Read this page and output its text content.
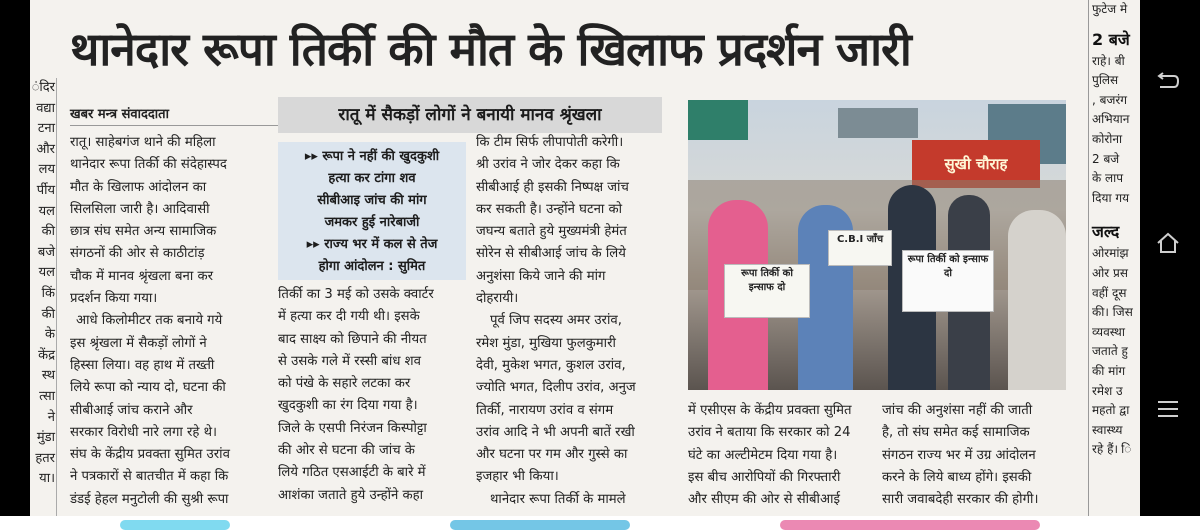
ंदिर
वद्या
टना
और
लय
र्पीय
यल
की
बजे
यल
किं
की
के
केंद्र
स्थ
त्सा
ने
मुंडा
हतर
या।
थानेदार रूपा तिर्की की मौत के खिलाफ प्रदर्शन जारी
खबर मन्त्र संवाददाता

रातू। साहेबगंज थाने की महिला

थानेदार रूपा तिर्की की संदेहास्पद

मौत के खिलाफ आंदोलन का

सिलसिला जारी है। आदिवासी

छात्र संघ समेत अन्य सामाजिक

संगठनों की ओर से काठीटांड़

चौक में मानव श्रृंखला बना कर

प्रदर्शन किया गया।

आधे किलोमीटर तक बनाये गये

इस श्रृंखला में सैकड़ों लोगों ने

हिस्सा लिया। वह हाथ में तख्ती

लिये रूपा को न्याय दो, घटना की

सीबीआई जांच कराने और

सरकार विरोधी नारे लगा रहे थे।

संघ के केंद्रीय प्रवक्ता सुमित उरांव

ने पत्रकारों से बातचीत में कहा कि

डंडई हेहल मनुटोली की सुश्री रूपा

रातू में सैकड़ों लोगों ने बनायी मानव श्रृंखला
▸▸ रूपा ने नहीं की खुदकुशी
हत्या कर टांगा शव
सीबीआइ जांच की मांग
जमकर हुई नारेबाजी
▸▸ राज्य भर में कल से तेज
होगा आंदोलन : सुमित

तिर्की का 3 मई को उसके क्वार्टर

में हत्या कर दी गयी थी। इसके

बाद साक्ष्य को छिपाने की नीयत

से उसके गले में रस्सी बांध शव

को पंखे के सहारे लटका कर

खुदकुशी का रंग दिया गया है।

जिले के एसपी निरंजन किस्पोट्टा

की ओर से घटना की जांच के

लिये गठित एसआईटी के बारे में

आशंका जताते हुये उन्होंने कहा

कि टीम सिर्फ लीपापोती करेगी।

श्री उरांव ने जोर देकर कहा कि

सीबीआई ही इसकी निष्पक्ष जांच

कर सकती है। उन्होंने घटना को

जघन्य बताते हुये मुख्यमंत्री हेमंत

सोरेन से सीबीआई जांच के लिये

अनुशंसा किये जाने की मांग

दोहरायी।

पूर्व जिप सदस्य अमर उरांव,

रमेश मुंडा, मुखिया फुलकुमारी

देवी, मुकेश भगत, कुशल उरांव,

ज्योति भगत, दिलीप उरांव, अनुज

तिर्की, नारायण उरांव व संगम

उरांव आदि ने भी अपनी बातें रखी

और घटना पर गम और गुस्से का

इजहार भी किया।

थानेदार रूपा तिर्की के मामले

सुखी चौराह
रूपा तिर्की को इन्साफ दो
C.B.I जाँच
रूपा तिर्की को इन्साफ दो

में एसीएस के केंद्रीय प्रवक्ता सुमित

उरांव ने बताया कि सरकार को 24

घंटे का अल्टीमेटम दिया गया है।

इस बीच आरोपियों की गिरफ्तारी

और सीएम की ओर से सीबीआई

जांच की अनुशंसा नहीं की जाती

है, तो संघ समेत कई सामाजिक

संगठन राज्य भर में उग्र आंदोलन

करने के लिये बाध्य होंगे। इसकी

सारी जवाबदेही सरकार की होगी।

फुटेज मे
2 बजे
राहे। बी
पुलिस
, बजरंग
अभियान
कोरोना
2 बजे
के लाप
दिया गय
जल्द
ओरमांझ
ओर प्रस
वहीं दूस
की। जिस
व्यवस्था
जताते हु
की मांग
रमेश उ
महतो द्वा
स्वास्थ्य
रहे हैं। ि
